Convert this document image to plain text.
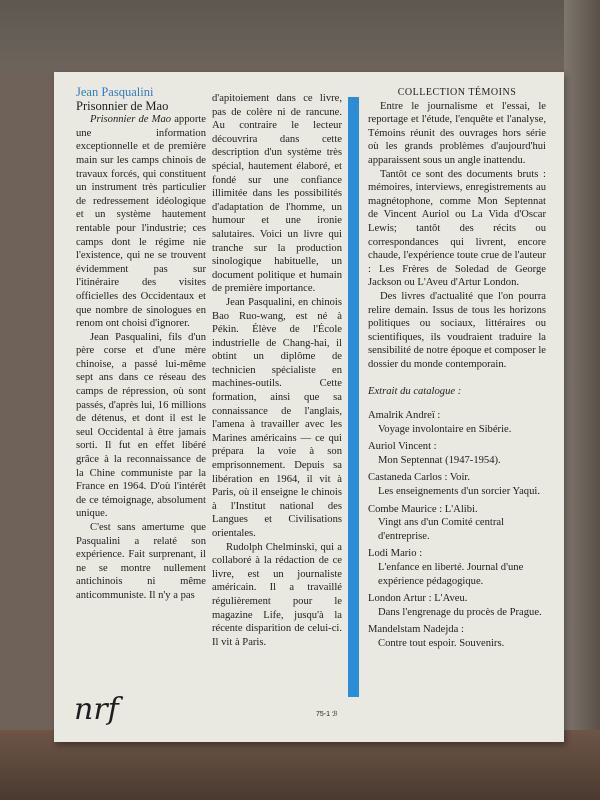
Jean Pasqualini

Prisonnier de Mao

Prisonnier de Mao apporte une information exceptionnelle et de première main sur les camps chinois de travaux forcés, qui constituent un instrument très particulier de redressement idéologique et un système hautement rentable pour l'industrie; ces camps dont le régime nie l'existence, qui ne se trouvent évidemment pas sur l'itinéraire des visites officielles des Occidentaux et que nombre de sinologues en renom ont choisi d'ignorer.

Jean Pasqualini, fils d'un père corse et d'une mère chinoise, a passé lui-même sept ans dans ce réseau des camps de répression, où sont passés, d'après lui, 16 millions de détenus, et dont il est le seul Occidental à être jamais sorti. Il fut en effet libéré grâce à la reconnaissance de la Chine communiste par la France en 1964. D'où l'intérêt de ce témoignage, absolument unique.

C'est sans amertume que Pasqualini a relaté son expérience. Fait surprenant, il ne se montre nullement antichinois ni même anticommuniste. Il n'y a pas

d'apitoiement dans ce livre, pas de colère ni de rancune. Au contraire le lecteur découvrira dans cette description d'un système très spécial, hautement élaboré, et fondé sur une confiance illimitée dans les possibilités d'adaptation de l'homme, un humour et une ironie salutaires. Voici un livre qui tranche sur la production sinologique habituelle, un document politique et humain de première importance.

Jean Pasqualini, en chinois Bao Ruo-wang, est né à Pékin. Élève de l'École industrielle de Chang-hai, il obtint un diplôme de technicien spécialiste en machines-outils. Cette formation, ainsi que sa connaissance de l'anglais, l'amena à travailler avec les Marines américains — ce qui prépara la voie à son emprisonnement. Depuis sa libération en 1964, il vit à Paris, où il enseigne le chinois à l'Institut national des Langues et Civilisations orientales.

Rudolph Chelminski, qui a collaboré à la rédaction de ce livre, est un journaliste américain. Il a travaillé régulièrement pour le magazine Life, jusqu'à la récente disparition de celui-ci. Il vit à Paris.

COLLECTION TÉMOINS

Entre le journalisme et l'essai, le reportage et l'étude, l'enquête et l'analyse, Témoins réunit des ouvrages hors série où les grands problèmes d'aujourd'hui apparaissent sous un angle inattendu.

Tantôt ce sont des documents bruts : mémoires, interviews, enregistrements au magnétophone, comme Mon Septennat de Vincent Auriol ou La Vida d'Oscar Lewis; tantôt des récits ou correspondances qui livrent, encore chaude, l'expérience toute crue de l'auteur : Les Frères de Soledad de George Jackson ou L'Aveu d'Artur London.

Des livres d'actualité que l'on pourra relire demain. Issus de tous les horizons politiques ou sociaux, littéraires ou scientifiques, ils voudraient traduire la sensibilité de notre époque et composer le dossier du monde contemporain.

Extrait du catalogue :

Amalrik Andreï :
Voyage involontaire en Sibérie.

Auriol Vincent :
Mon Septennat (1947-1954).

Castaneda Carlos : Voir.
Les enseignements d'un sorcier Yaqui.

Combe Maurice : L'Alibi.
Vingt ans d'un Comité central d'entreprise.

Lodi Mario :
L'enfance en liberté. Journal d'une expérience pédagogique.

London Artur : L'Aveu.
Dans l'engrenage du procès de Prague.

Mandelstam Nadejda :
Contre tout espoir. Souvenirs.

nrf	75-1 ℬ
